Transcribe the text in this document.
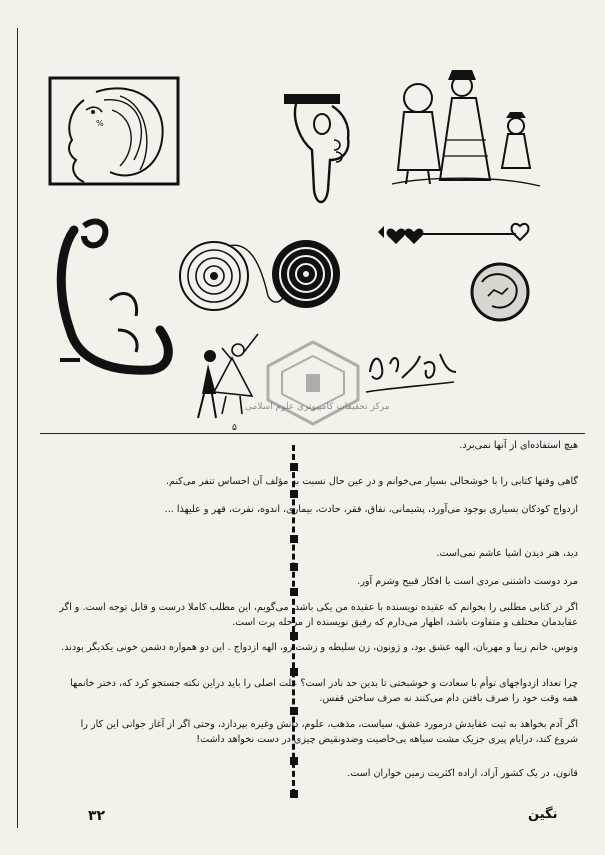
%
۵
مرکز تحقیقات کامپیوتری علوم اسلامی
هیچ استفاده‌ای از آنها نمی‌برد.
گاهی وقتها کتابی را با خوشحالی بسیار می‌خوانم و در عین حال نسبت به مؤلف آن احساس تنفر می‌کنم.
ازدواج کودکان بسیاری بوجود می‌آورد، پشیمانی، نفاق، فقر، حادث، بیماری، اندوه، نفرت، قهر و علیهذا ...
دید، هنر دیدن اشیا عاشم نمی‌است.
مرد دوست داشتنی مردی است با افکار قبیح وشرم آور.
اگر در کتابی مطلبی را بخوانم که عقیده نویسنده با عقیده من یکی باشد. می‌گویم، این مطلب کاملا درست و قابل توجه است. و اگر عقایدمان مختلف و متفاوت باشد، اظهار می‌دارم که رفیق نویسنده از مرحله پرت است.
ونوس، خانم زیبا و مهربان، الهه عشق بود، و ژونون، زن سلیطه و زشت رو، الهه ازدواج . این دو همواره دشمن خونی یکدیگر بودند.
چرا تعداد ازدواجهای توأم با سعادت و خوشبختی تا بدین حد نادر است؟ علت اصلی را باید دراین نکته جستجو کرد که، دختر خانمها همه وقت خود را صرف بافتن دام می‌کنند نه صرف ساختن قفس.
اگر آدم بخواهد به ثبت عقایدش درمورد عشق، سیاست، مذهب، علوم، دانش وغیره بپردازد، وحتی اگر از آغاز جوانی این کار را شروع کند، درایام پیری جزیک مشت سیاهه بی‌خاصیت وضدونقیض چیزی در دست نخواهد داشت!
قانون، در یک کشور آزاد، اراده اکثریت زمین خواران است.
۳۲	نگین
